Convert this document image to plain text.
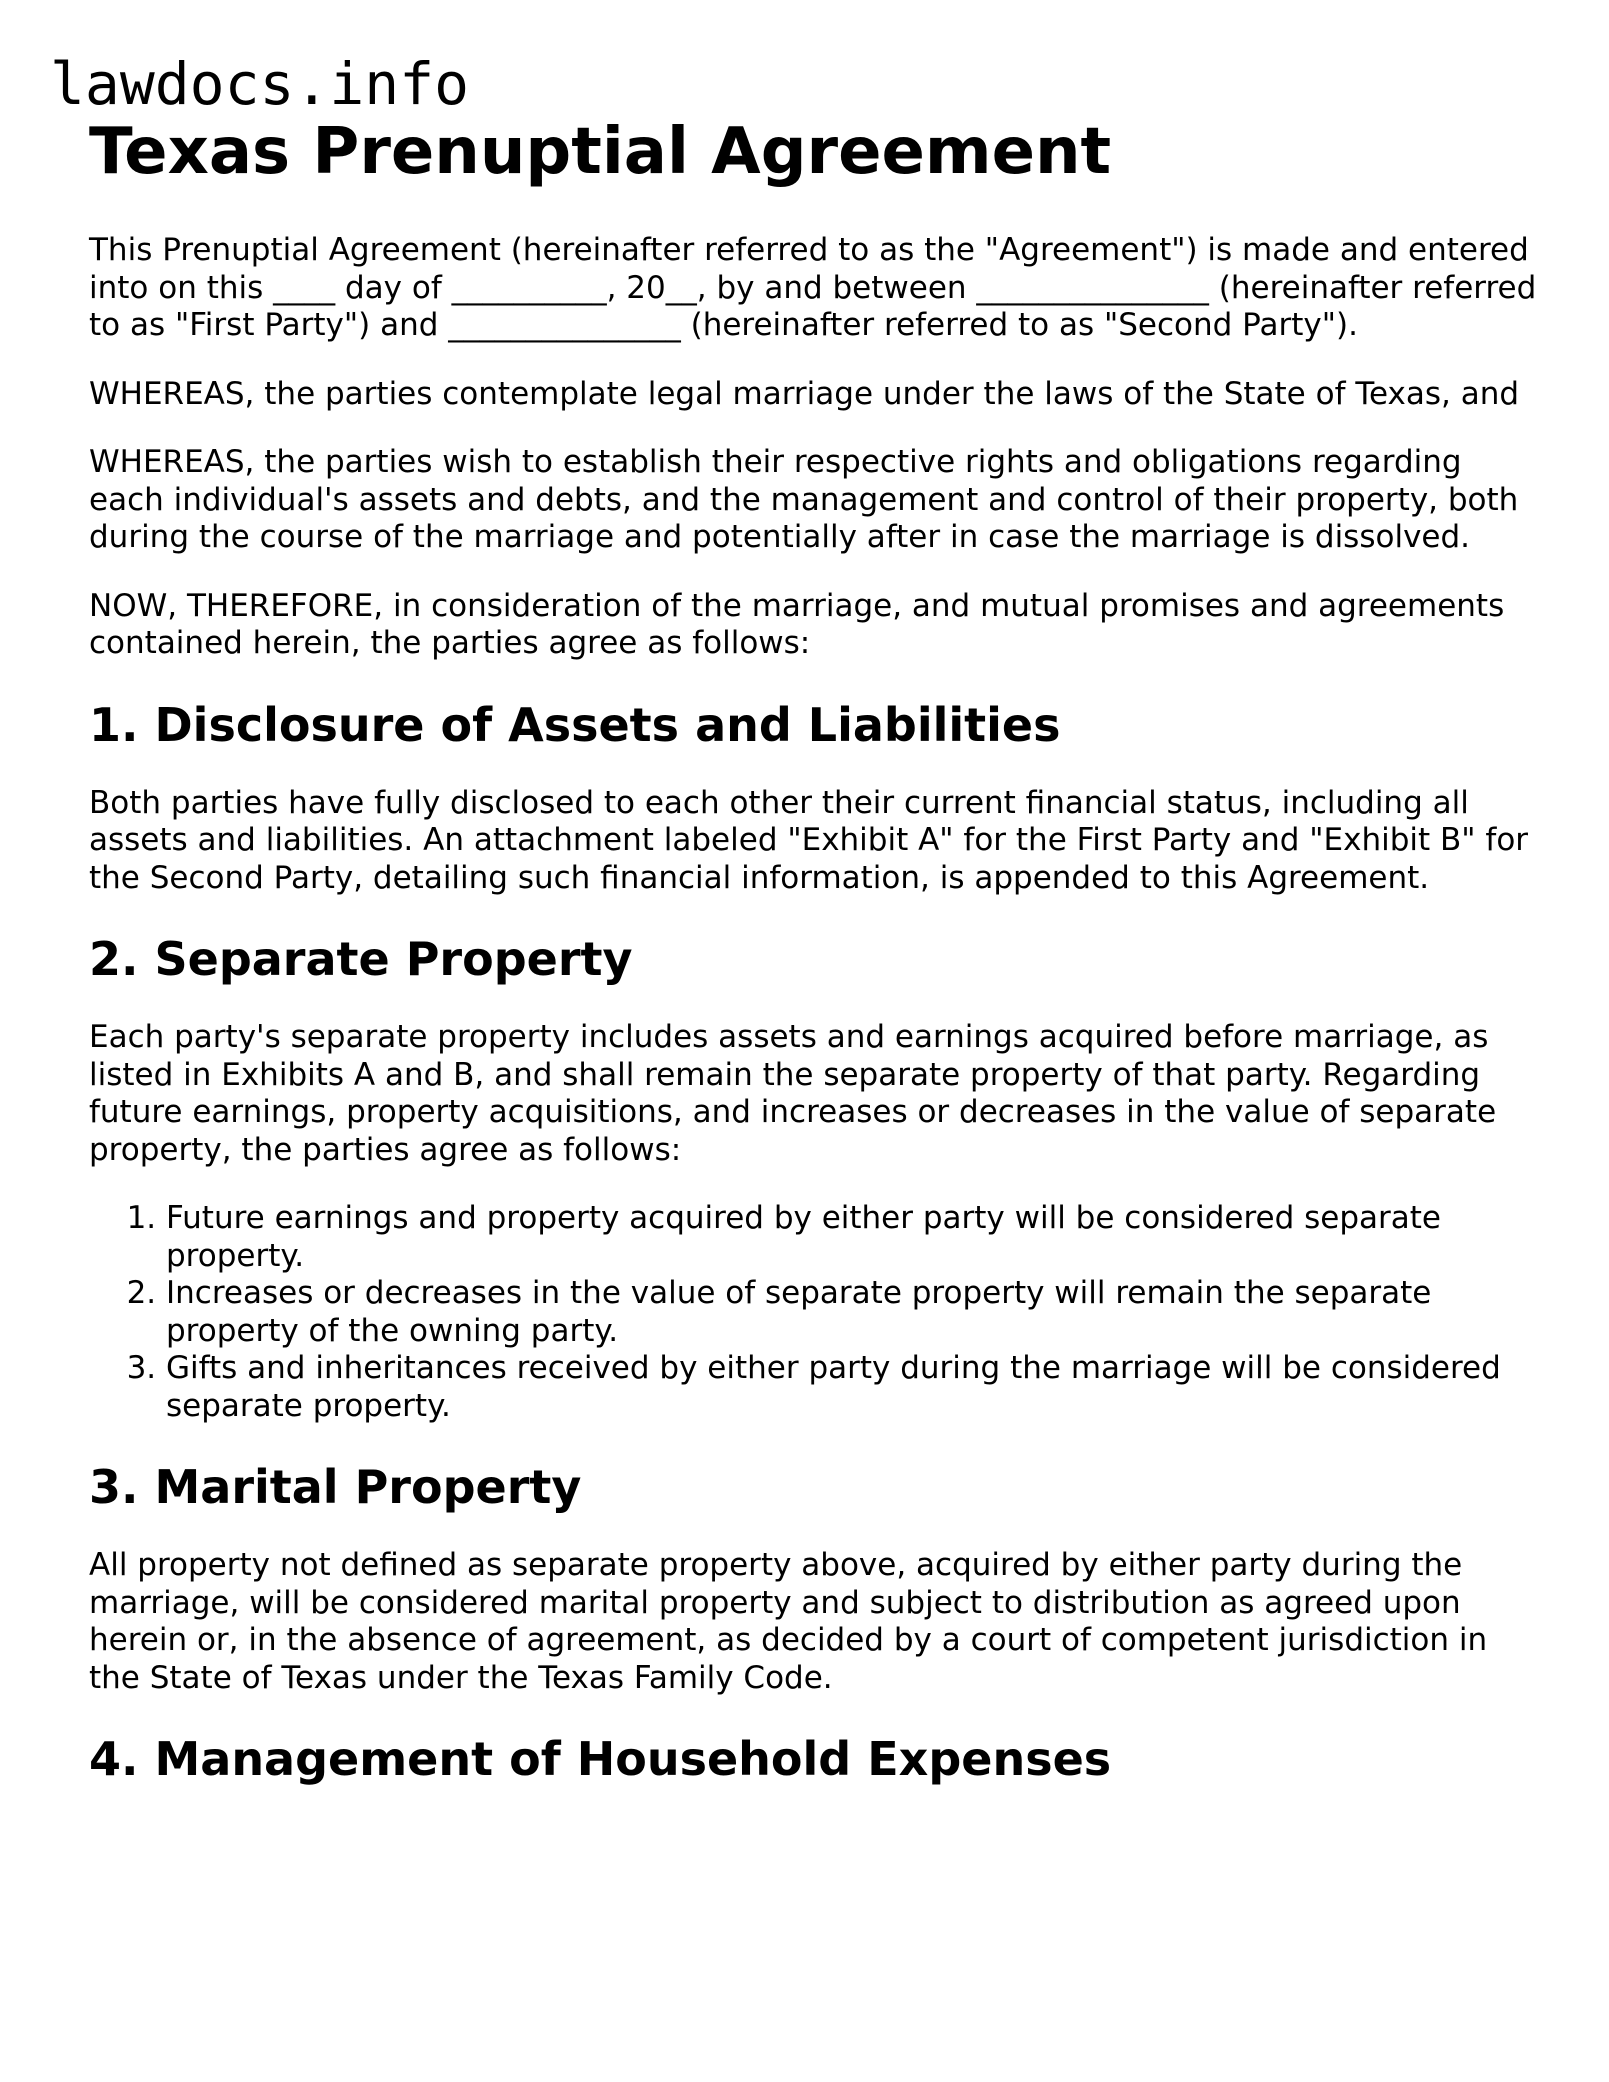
lawdocs.info
Texas Prenuptial Agreement

This Prenuptial Agreement (hereinafter referred to as the "Agreement") is made and entered into on this ____ day of __________, 20__, by and between _______________ (hereinafter referred to as "First Party") and _______________ (hereinafter referred to as "Second Party").

WHEREAS, the parties contemplate legal marriage under the laws of the State of Texas, and

WHEREAS, the parties wish to establish their respective rights and obligations regarding each individual's assets and debts, and the management and control of their property, both during the course of the marriage and potentially after in case the marriage is dissolved.

NOW, THEREFORE, in consideration of the marriage, and mutual promises and agreements contained herein, the parties agree as follows:

1. Disclosure of Assets and Liabilities

Both parties have fully disclosed to each other their current financial status, including all assets and liabilities. An attachment labeled "Exhibit A" for the First Party and "Exhibit B" for the Second Party, detailing such financial information, is appended to this Agreement.

2. Separate Property

Each party's separate property includes assets and earnings acquired before marriage, as listed in Exhibits A and B, and shall remain the separate property of that party. Regarding future earnings, property acquisitions, and increases or decreases in the value of separate property, the parties agree as follows:

1. Future earnings and property acquired by either party will be considered separate property.
2. Increases or decreases in the value of separate property will remain the separate property of the owning party.
3. Gifts and inheritances received by either party during the marriage will be considered separate property.
3. Marital Property

All property not defined as separate property above, acquired by either party during the marriage, will be considered marital property and subject to distribution as agreed upon herein or, in the absence of agreement, as decided by a court of competent jurisdiction in the State of Texas under the Texas Family Code.

4. Management of Household Expenses
